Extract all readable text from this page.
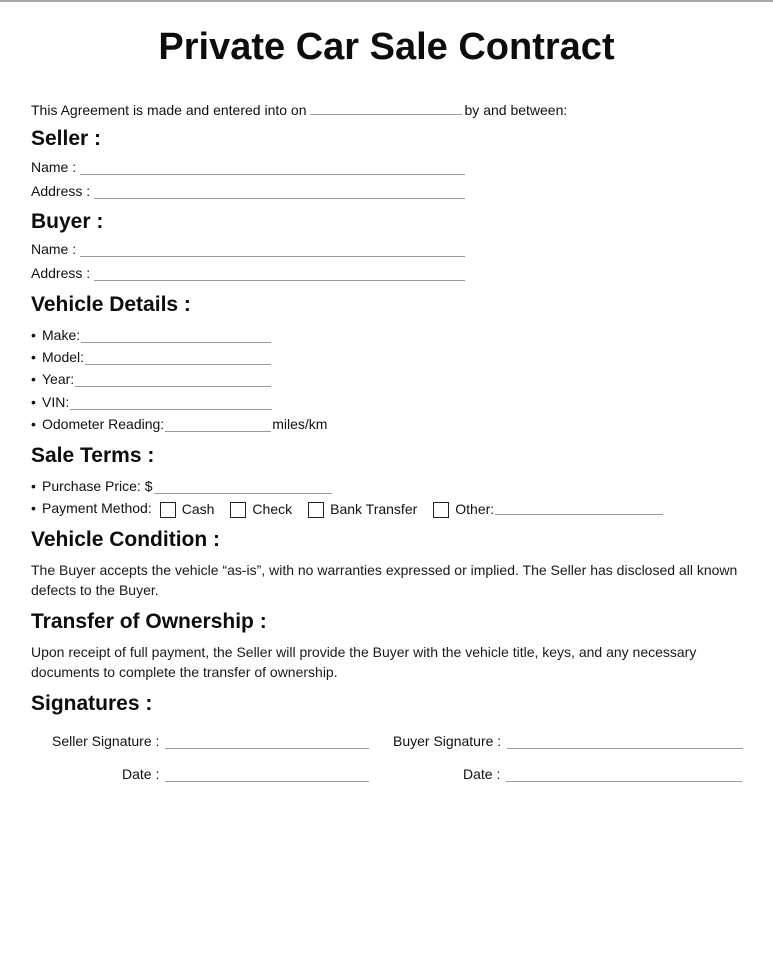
Private Car Sale Contract
This Agreement is made and entered into on	by and between:
Seller :
Name :
Address :
Buyer :
Name :
Address :
Vehicle Details :
• Make:
• Model:
• Year:
• VIN:
• Odometer Reading:	miles/km
Sale Terms :
• Purchase Price: $
• Payment Method: Cash	Check	Bank Transfer	Other:
Vehicle Condition :
The Buyer accepts the vehicle “as-is”, with no warranties expressed or implied. The Seller has disclosed all known defects to the Buyer.
Transfer of Ownership :
Upon receipt of full payment, the Seller will provide the Buyer with the vehicle title, keys, and any necessary documents to complete the transfer of ownership.
Signatures :
Seller Signature :	Buyer Signature :
Date :	Date :
